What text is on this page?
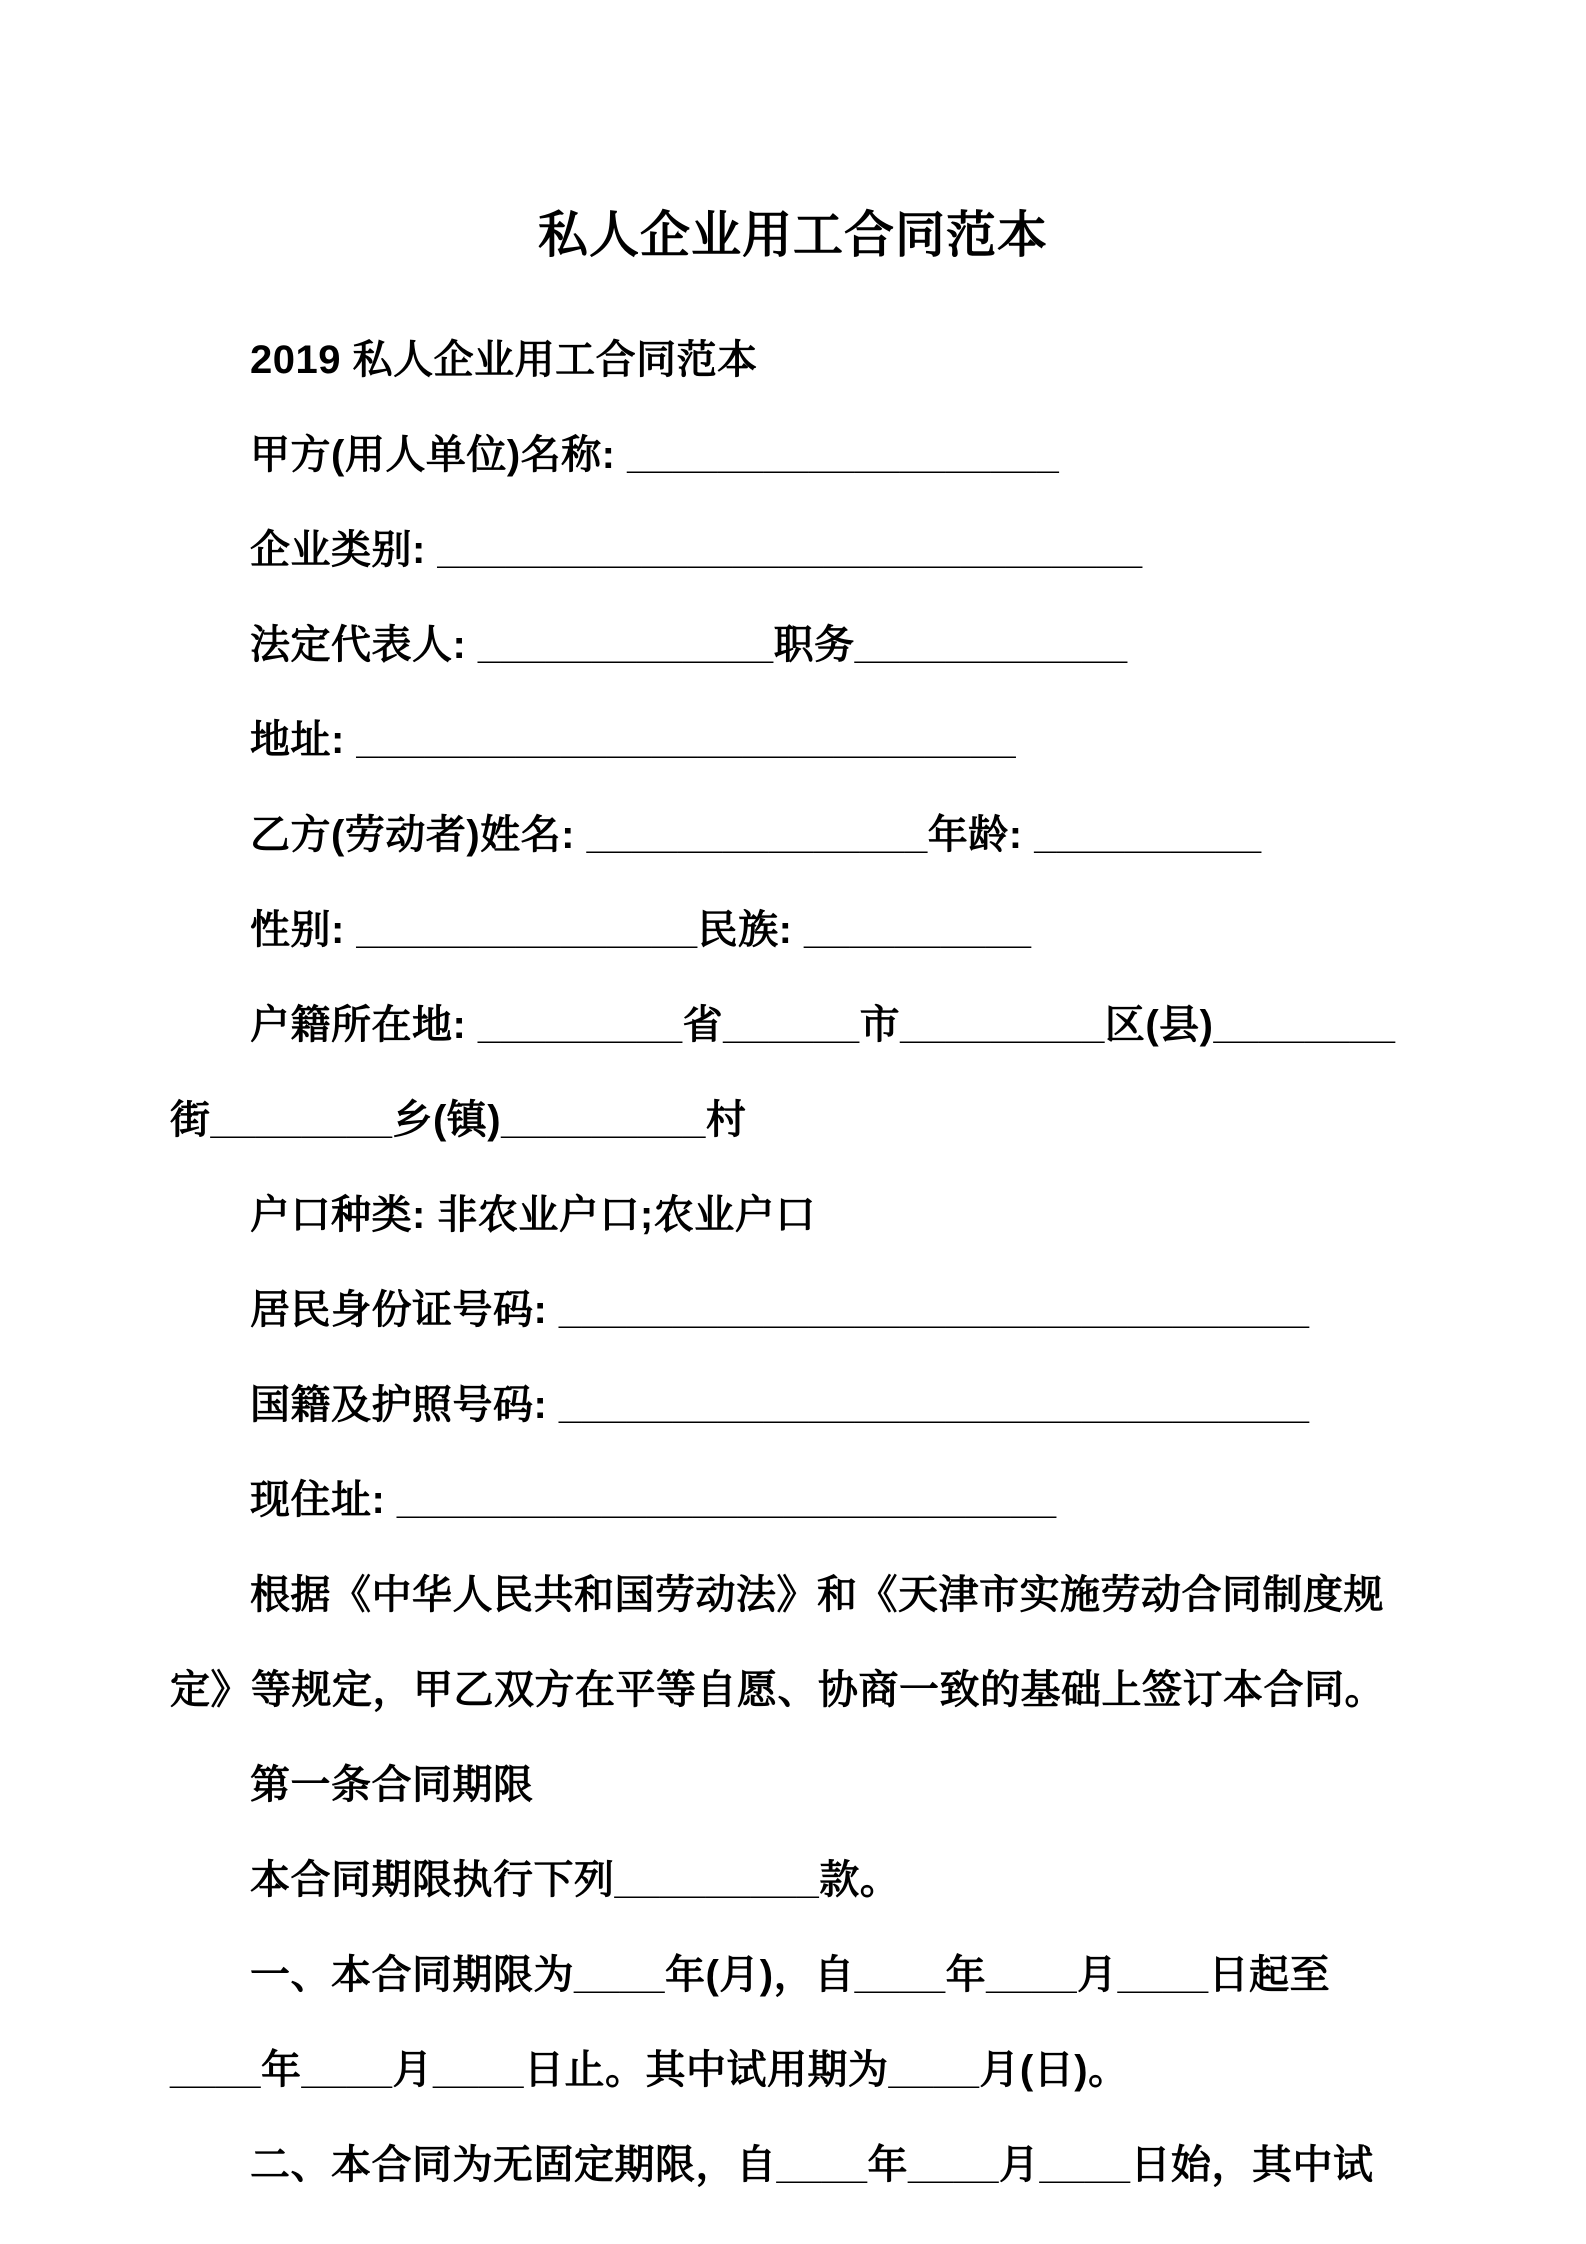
私人企业用工合同范本
2019 私人企业用工合同范本
甲方(用人单位)名称: ___________________
企业类别: _______________________________
法定代表人: _____________职务____________
地址: _____________________________
乙方(劳动者)姓名: _______________年龄: __________
性别: _______________民族: __________
户籍所在地: _________省______市_________区(县)________
街________乡(镇)_________村
户口种类: 非农业户口;农业户口
居民身份证号码: _________________________________
国籍及护照号码: _________________________________
现住址: _____________________________
根据《中华人民共和国劳动法》和《天津市实施劳动合同制度规
定》等规定，甲乙双方在平等自愿、协商一致的基础上签订本合同。
第一条合同期限
本合同期限执行下列_________款。
一、本合同期限为____年(月)，自____年____月____日起至
____年____月____日止。其中试用期为____月(日)。
二、本合同为无固定期限，自____年____月____日始，其中试
